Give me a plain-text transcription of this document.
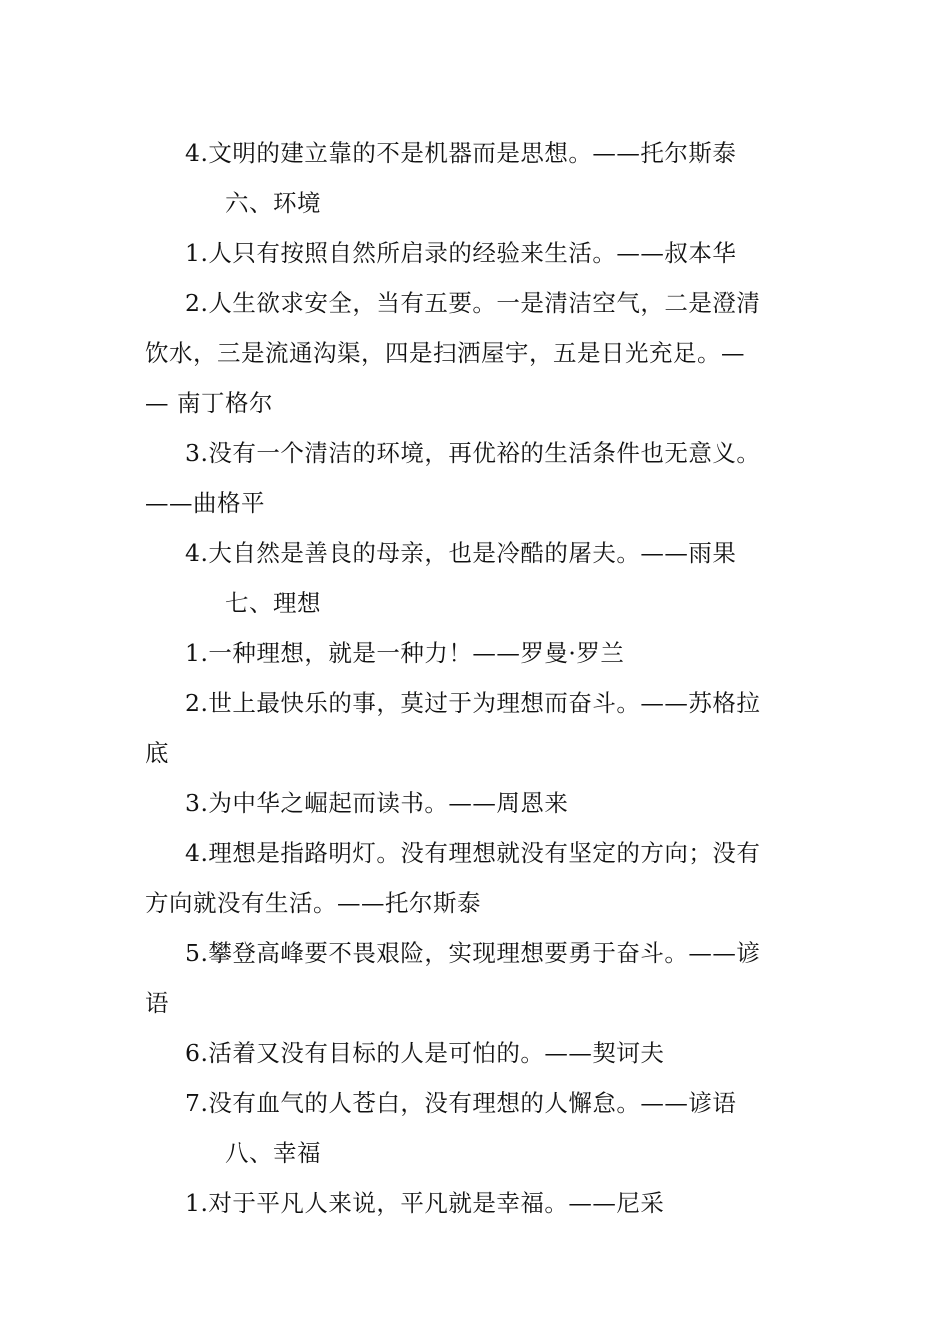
4.文明的建立靠的不是机器而是思想。——托尔斯泰
六、环境
1.人只有按照自然所启录的经验来生活。——叔本华
2.人生欲求安全，当有五要。一是清洁空气，二是澄清
饮水，三是流通沟渠，四是扫洒屋宇，五是日光充足。—
— 南丁格尔
3.没有一个清洁的环境，再优裕的生活条件也无意义。
——曲格平
4.大自然是善良的母亲，也是冷酷的屠夫。——雨果
七、理想
1.一种理想，就是一种力！——罗曼·罗兰
2.世上最快乐的事，莫过于为理想而奋斗。——苏格拉
底
3.为中华之崛起而读书。——周恩来
4.理想是指路明灯。没有理想就没有坚定的方向；没有
方向就没有生活。——托尔斯泰
5.攀登高峰要不畏艰险，实现理想要勇于奋斗。——谚
语
6.活着又没有目标的人是可怕的。——契诃夫
7.没有血气的人苍白，没有理想的人懈怠。——谚语
八、幸福
1.对于平凡人来说，平凡就是幸福。——尼采
